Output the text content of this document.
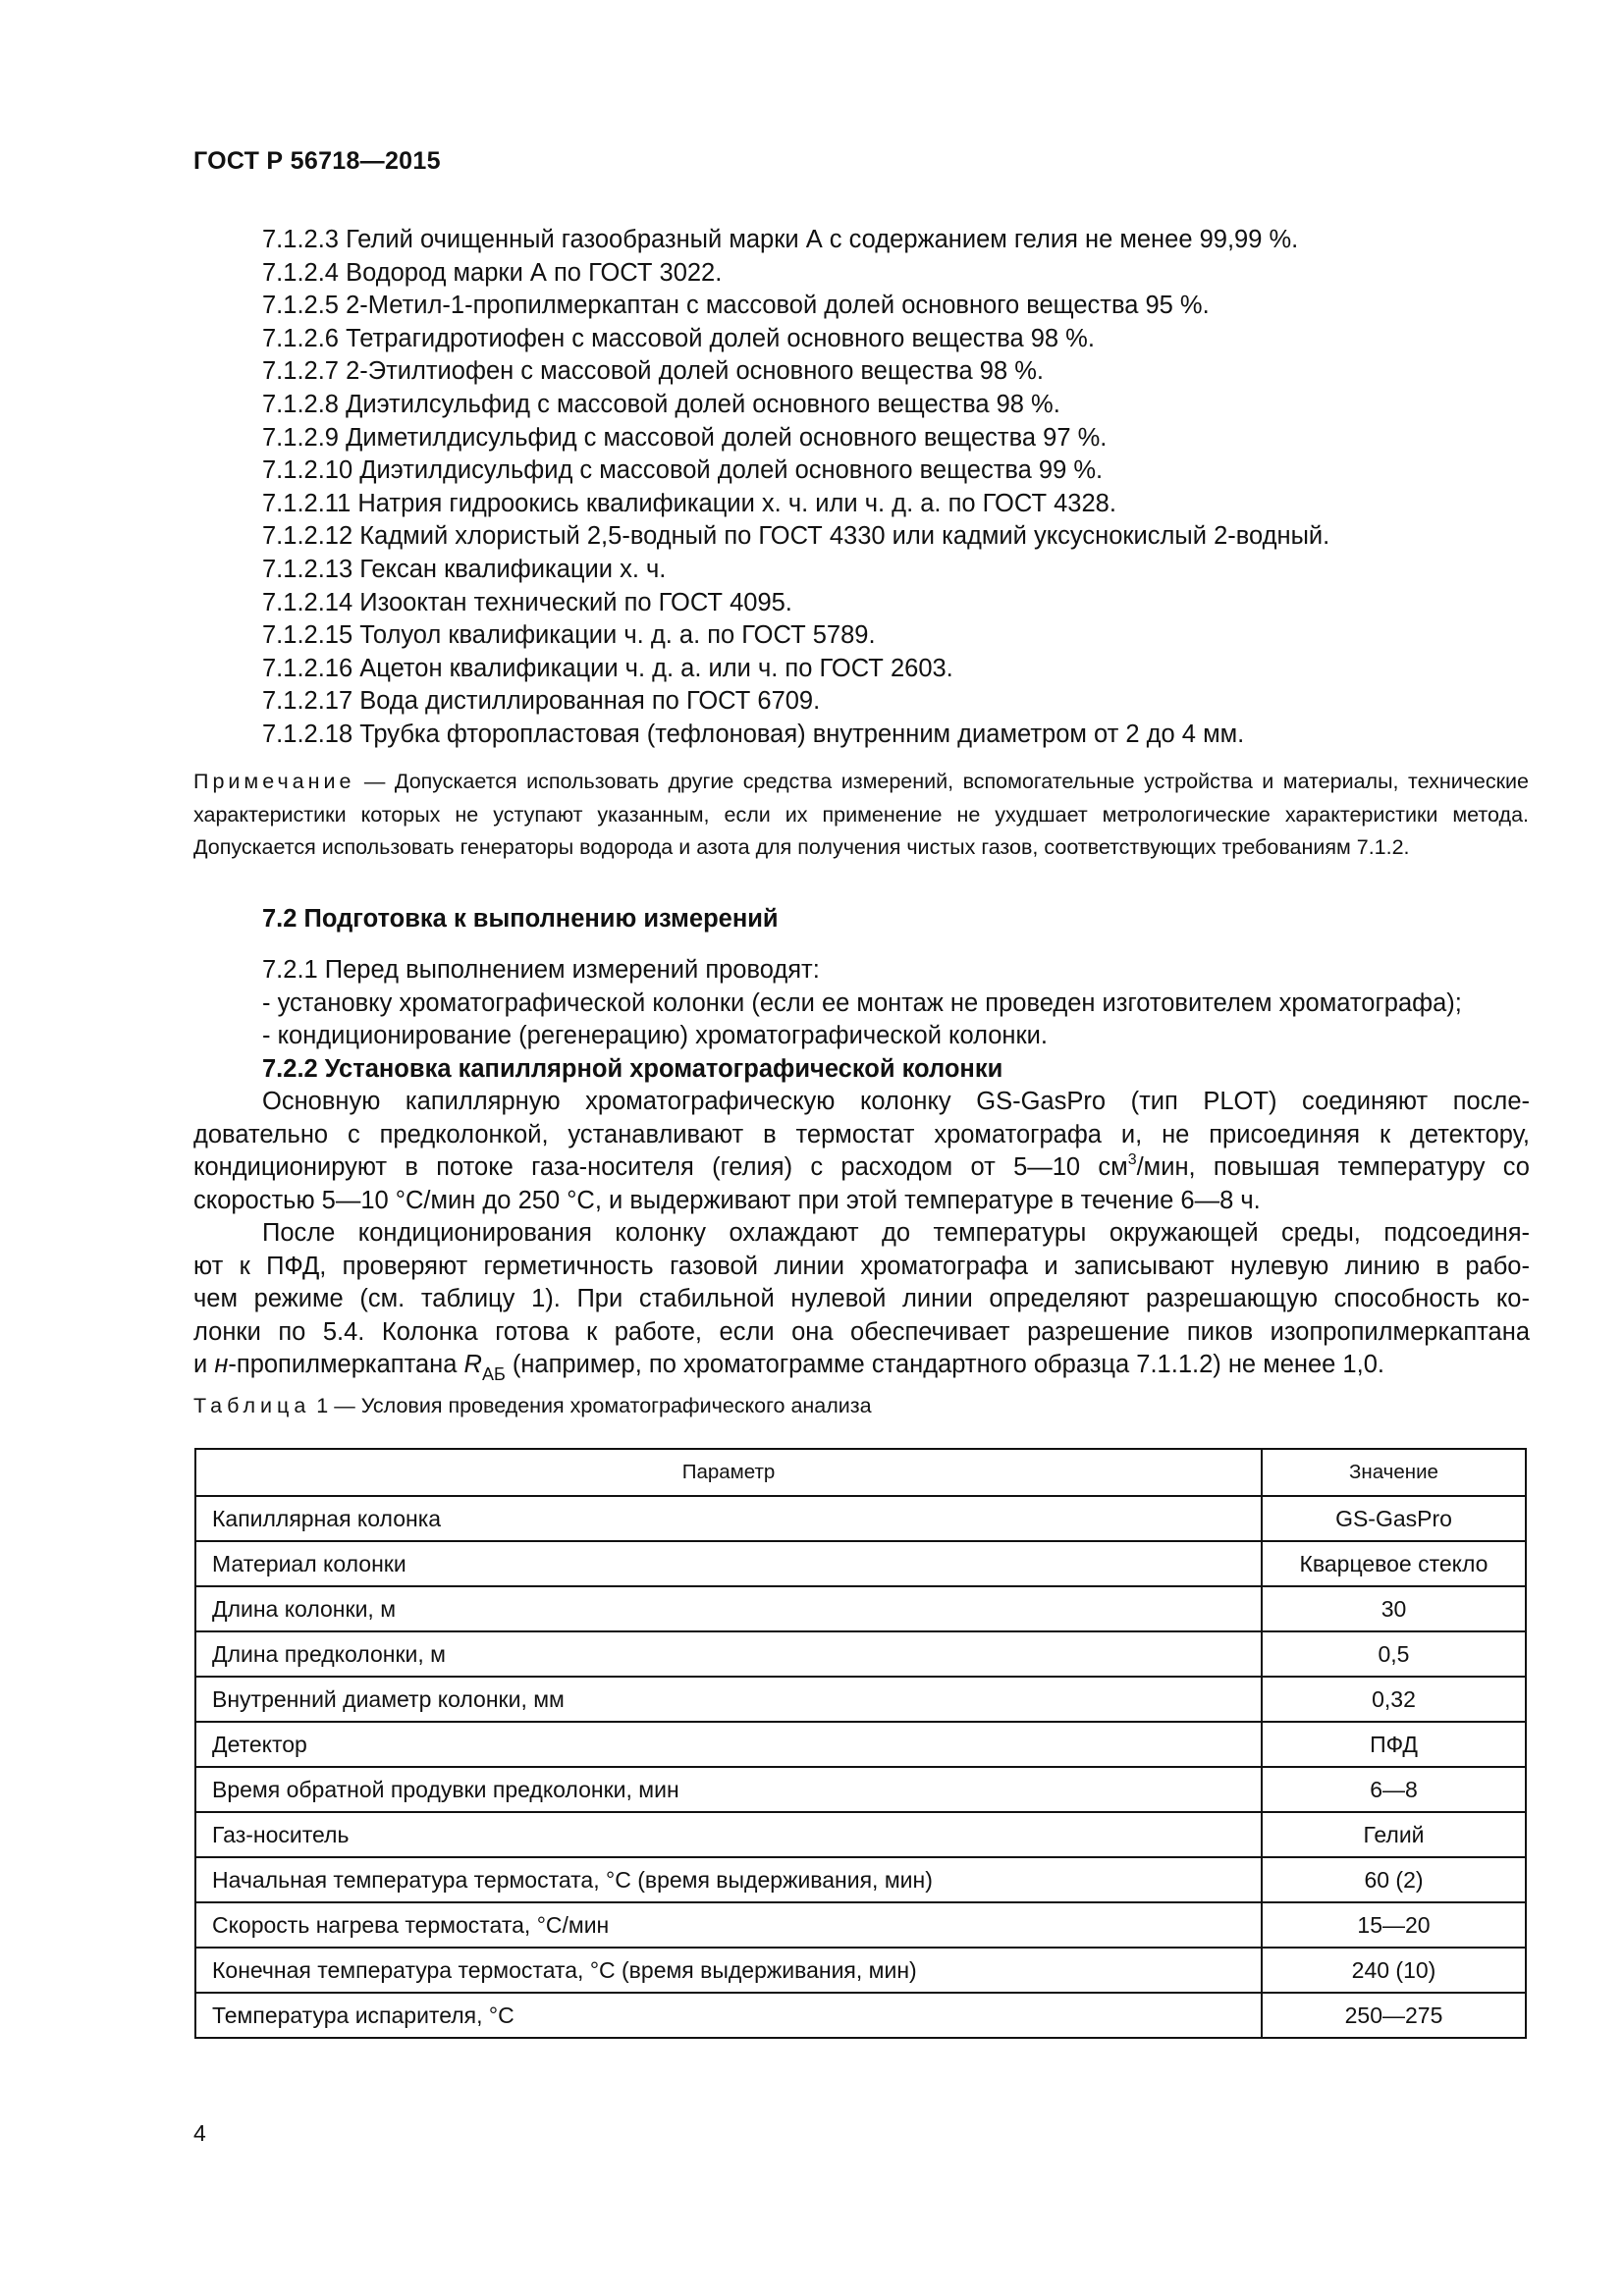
ГОСТ Р 56718—2015
7.1.2.3 Гелий очищенный газообразный марки А с содержанием гелия не менее 99,99 %.
7.1.2.4 Водород марки А по ГОСТ 3022.
7.1.2.5 2-Метил-1-пропилмеркаптан с массовой долей основного вещества 95 %.
7.1.2.6 Тетрагидротиофен с массовой долей основного вещества 98 %.
7.1.2.7 2-Этилтиофен с массовой долей основного вещества 98 %.
7.1.2.8 Диэтилсульфид с массовой долей основного вещества 98 %.
7.1.2.9 Диметилдисульфид с массовой долей основного вещества 97 %.
7.1.2.10 Диэтилдисульфид с массовой долей основного вещества 99 %.
7.1.2.11 Натрия гидроокись квалификации х. ч. или ч. д. а. по ГОСТ 4328.
7.1.2.12 Кадмий хлористый 2,5-водный по ГОСТ 4330 или кадмий уксуснокислый 2-водный.
7.1.2.13 Гексан квалификации х. ч.
7.1.2.14 Изооктан технический по ГОСТ 4095.
7.1.2.15 Толуол квалификации ч. д. а. по ГОСТ 5789.
7.1.2.16 Ацетон квалификации ч. д. а. или ч. по ГОСТ 2603.
7.1.2.17 Вода дистиллированная по ГОСТ 6709.
7.1.2.18 Трубка фторопластовая (тефлоновая) внутренним диаметром от 2 до 4 мм.
Примечание — Допускается использовать другие средства измерений, вспомогательные устройства и материалы, технические характеристики которых не уступают указанным, если их применение не ухудшает метрологические характеристики метода. Допускается использовать генераторы водорода и азота для получения чистых газов, соответствующих требованиям 7.1.2.
7.2 Подготовка к выполнению измерений
7.2.1 Перед выполнением измерений проводят:
- установку хроматографической колонки (если ее монтаж не проведен изготовителем хроматографа);
- кондиционирование (регенерацию) хроматографической колонки.
7.2.2 Установка капиллярной хроматографической колонки
Основную капиллярную хроматографическую колонку GS-GasPro (тип PLOT) соединяют после-
довательно с предколонкой, устанавливают в термостат хроматографа и, не присоединяя к детектору,
кондиционируют в потоке газа-носителя (гелия) с расходом от 5—10 $см^3$/мин, повышая температуру со
скоростью 5—10 °С/мин до 250 °С, и выдерживают при этой температуре в течение 6—8 ч.
После кондиционирования колонку охлаждают до температуры окружающей среды, подсоединя-
ют к ПФД, проверяют герметичность газовой линии хроматографа и записывают нулевую линию в рабо-
чем режиме (см. таблицу 1). При стабильной нулевой линии определяют разрешающую способность ко-
лонки по 5.4. Колонка готова к работе, если она обеспечивает разрешение пиков изопропилмеркаптана
и н-пропилмеркаптана $R_{АБ}$ (например, по хроматограмме стандартного образца 7.1.1.2) не менее 1,0.
Таблица 1 — Условия проведения хроматографического анализа
Параметр	Значение
Капиллярная колонка	GS-GasPro
Материал колонки	Кварцевое стекло
Длина колонки, м	30
Длина предколонки, м	0,5
Внутренний диаметр колонки, мм	0,32
Детектор	ПФД
Время обратной продувки предколонки, мин	6—8
Газ-носитель	Гелий
Начальная температура термостата, °С (время выдерживания, мин)	60 (2)
Скорость нагрева термостата, °С/мин	15—20
Конечная температура термостата, °С (время выдерживания, мин)	240 (10)
Температура испарителя, °С	250—275
4
